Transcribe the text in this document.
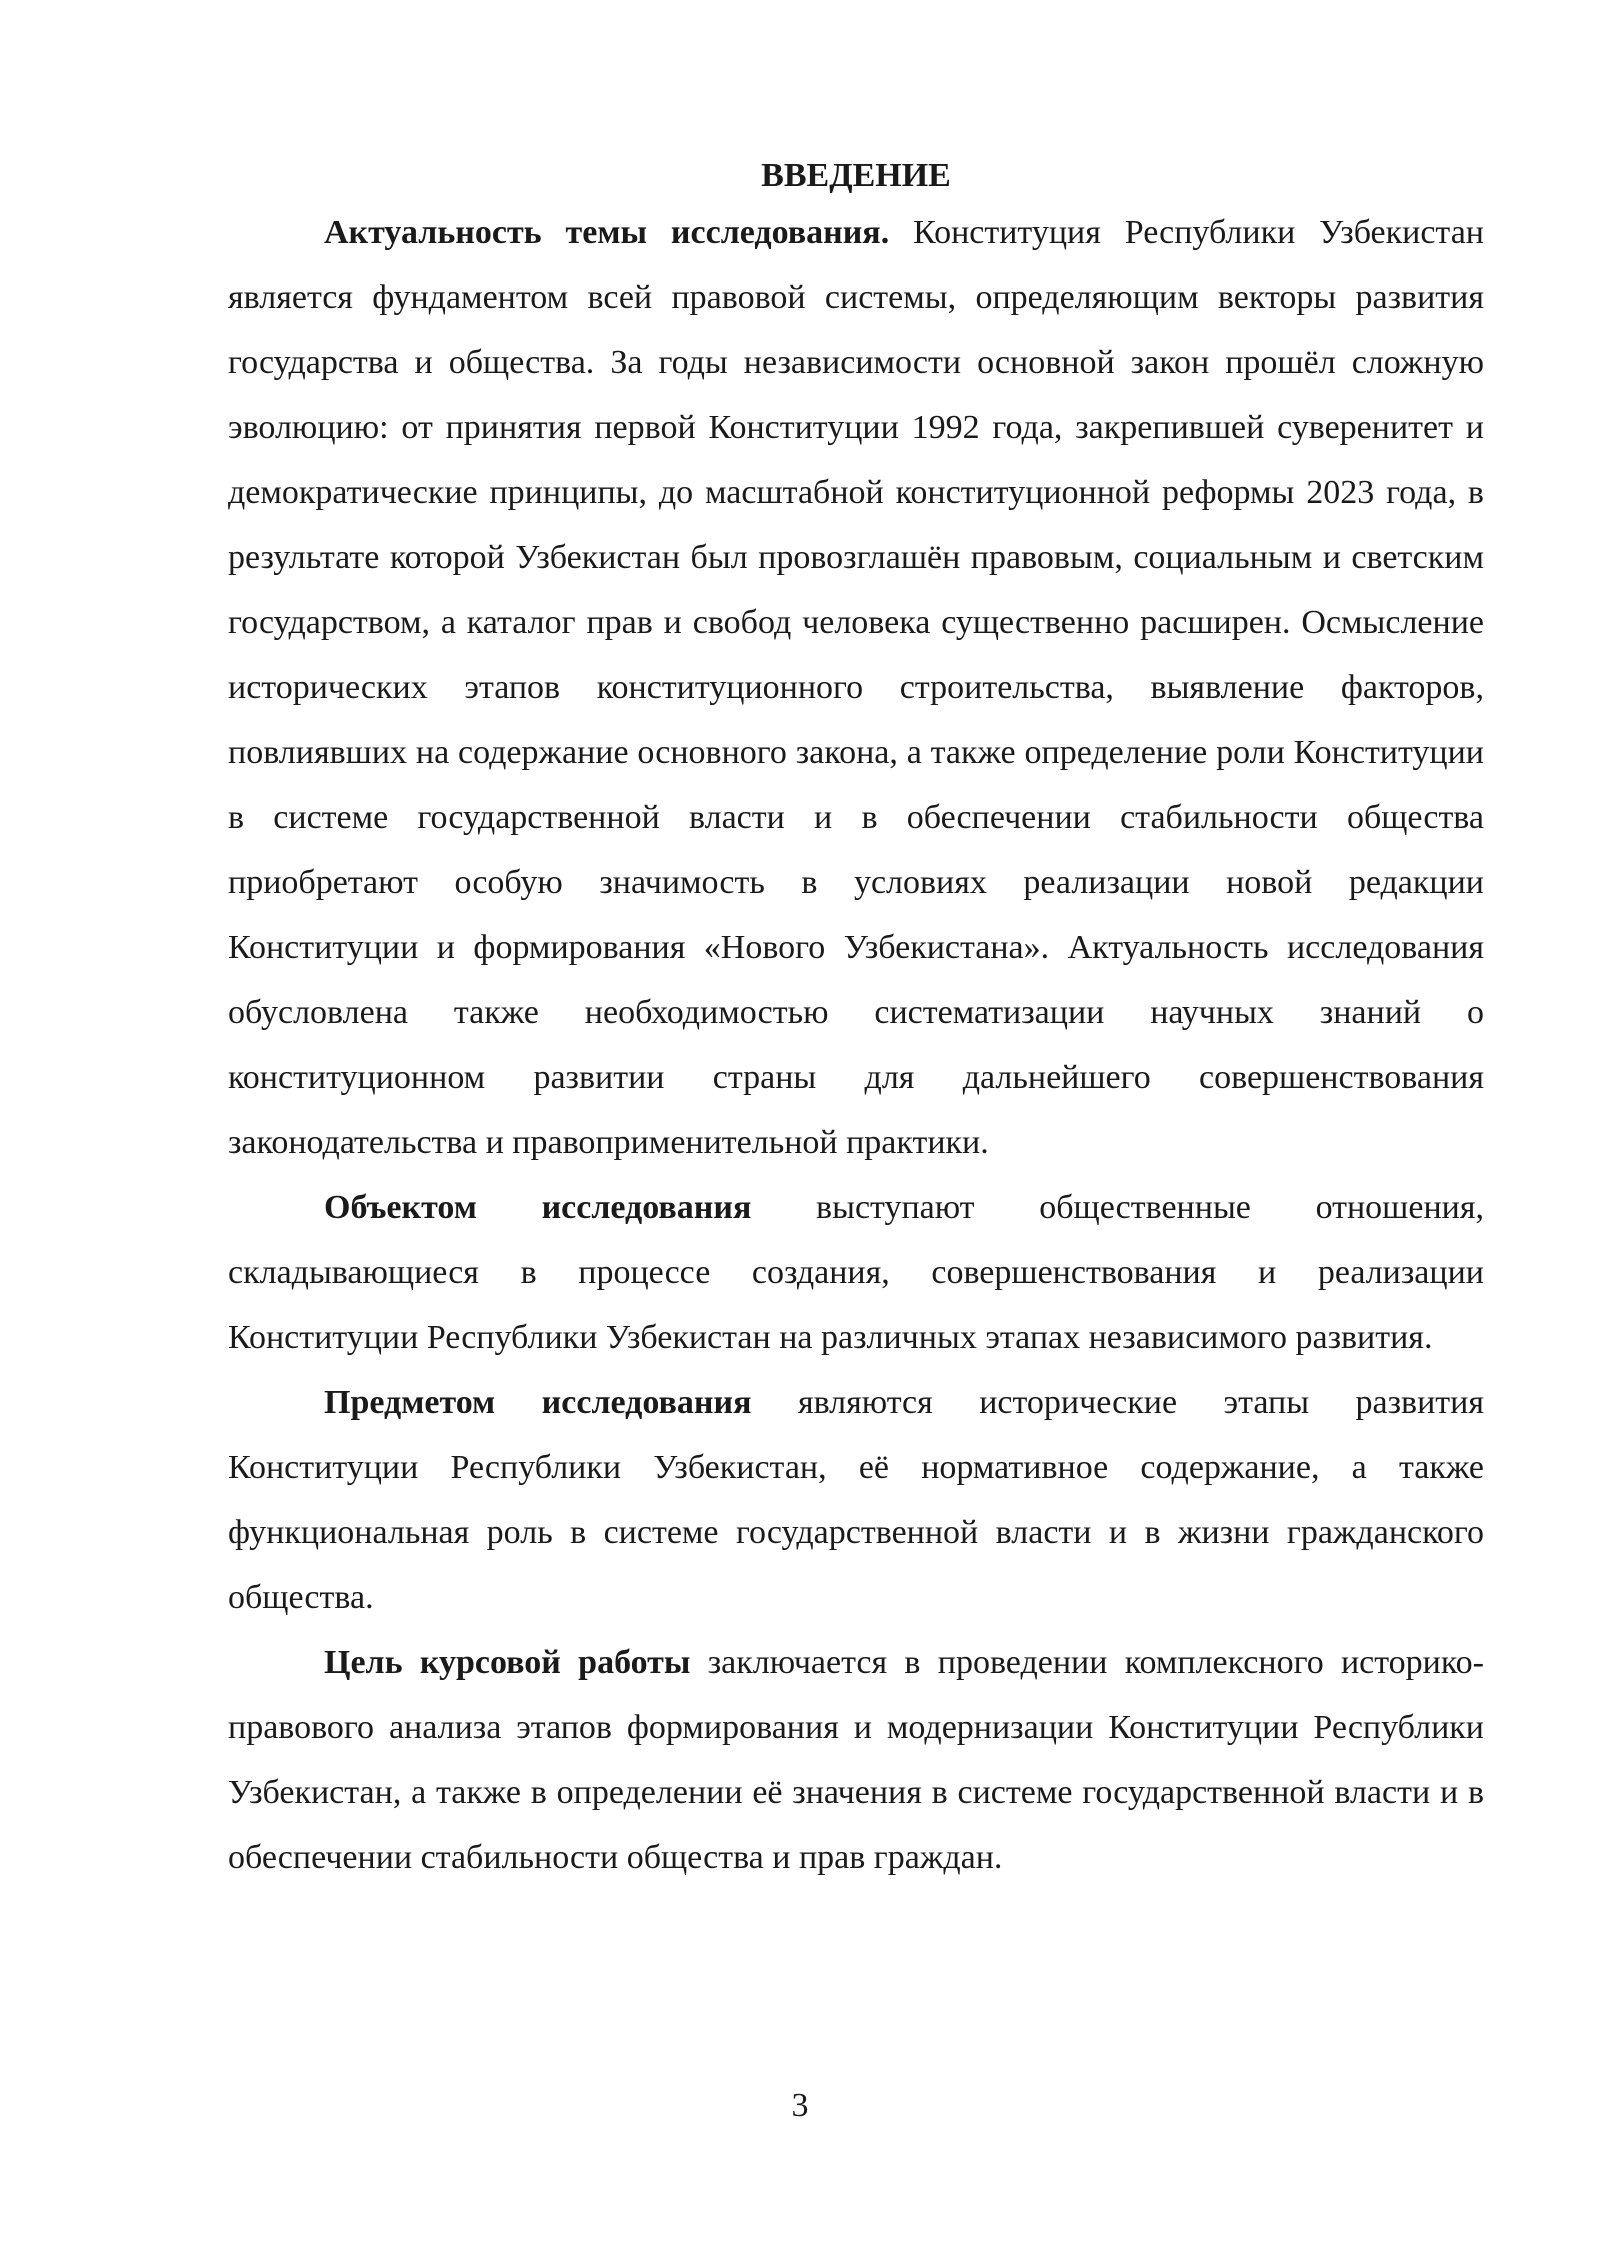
ВВЕДЕНИЕ

Актуальность темы исследования. Конституция Республики Узбекистан является фундаментом всей правовой системы, определяющим векторы развития государства и общества. За годы независимости основной закон прошёл сложную эволюцию: от принятия первой Конституции 1992 года, закрепившей суверенитет и демократические принципы, до масштабной конституционной реформы 2023 года, в результате которой Узбекистан был провозглашён правовым, социальным и светским государством, а каталог прав и свобод человека существенно расширен. Осмысление исторических этапов конституционного строительства, выявление факторов, повлиявших на содержание основного закона, а также определение роли Конституции в системе государственной власти и в обеспечении стабильности общества приобретают особую значимость в условиях реализации новой редакции Конституции и формирования «Нового Узбекистана». Актуальность исследования обусловлена также необходимостью систематизации научных знаний о конституционном развитии страны для дальнейшего совершенствования законодательства и правоприменительной практики.

Объектом исследования выступают общественные отношения, складывающиеся в процессе создания, совершенствования и реализации Конституции Республики Узбекистан на различных этапах независимого развития.

Предметом исследования являются исторические этапы развития Конституции Республики Узбекистан, её нормативное содержание, а также функциональная роль в системе государственной власти и в жизни гражданского общества.

Цель курсовой работы заключается в проведении комплексного историко-правового анализа этапов формирования и модернизации Конституции Республики Узбекистан, а также в определении её значения в системе государственной власти и в обеспечении стабильности общества и прав граждан.

3
